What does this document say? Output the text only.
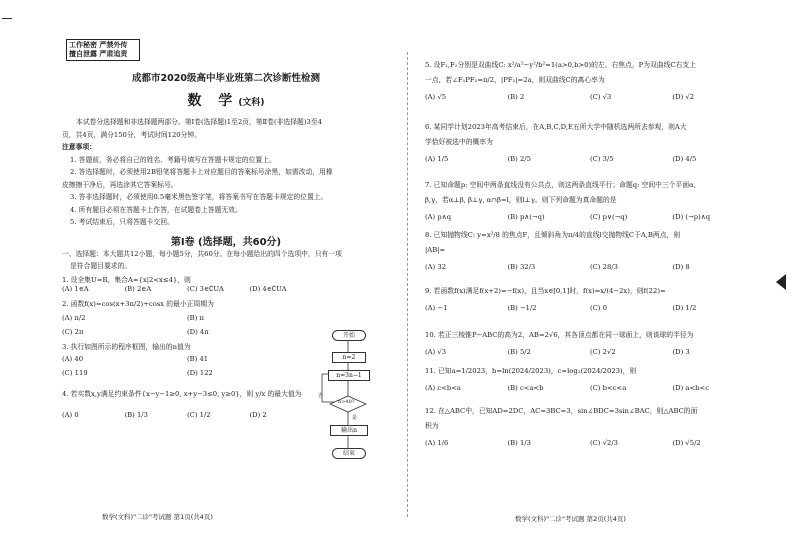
工作秘密 严禁外传
擅自泄露 严肃追责
成都市2020级高中毕业班第二次诊断性检测
数 学(文科)
本试卷分选择题和非选择题两部分。第Ⅰ卷(选择题)1至2页，第Ⅱ卷(非选择题)3至4
页，共4页，满分150分，考试时间120分钟。
注意事项：
1. 答题前，务必将自己的姓名、考籍号填写在答题卡规定的位置上。
2. 答选择题时，必须使用2B铅笔将答题卡上对应题目的答案标号涂黑，如需改动，用橡
皮擦擦干净后，再选涂其它答案标号。
3. 答非选择题时，必须使用0.5毫米黑色签字笔，将答案书写在答题卡规定的位置上。
4. 所有题目必须在答题卡上作答，在试题卷上答题无效。
5. 考试结束后，只将答题卡交回。
第Ⅰ卷 (选择题，共60分)
一、选择题：本大题共12小题，每小题5分，共60分。在每小题给出的四个选项中，只有一项
是符合题目要求的。
1. 设全集U=R，集合A={x|2<x≤4}，则
(A) 1∈A	(B) 2∈A	(C) 3∈∁UA	(D) 4∈∁UA
2. 函数f(x)=cos(x+3π/2)+cosx 的最小正周期为
(A) π/2	(B) π
(C) 2π	(D) 4π
3. 执行如图所示的程序框图，输出的n值为
(A) 40	(B) 41
(C) 119	(D) 122
4. 若实数x,y满足约束条件{x−y−1≥0, x+y−3≤0, y≥0}，则 y/x 的最大值为
(A) 0	(B) 1/3	(C) 1/2	(D) 2
数学(文科)"二诊"考试题 第1页(共4页)
开始
n=2
n=3n−1
n>40?
否
是
输出n
结束
5. 设F₁,F₂分别是双曲线C: x²/a²−y²/b²=1(a>0,b>0)的左、右焦点，P为双曲线C右支上
一点，若∠F₁PF₂=π/2，|PF₂|=2a，则双曲线C的离心率为
(A) √5	(B) 2	(C) √3	(D) √2
6. 某同学计划2023年高考结束后，在A,B,C,D,E五所大学中随机选两所去参观，则A大
学恰好被选中的概率为
(A) 1/5	(B) 2/5	(C) 3/5	(D) 4/5
7. 已知命题p: 空间中两条直线没有公共点，则这两条直线平行；命题q: 空间中三个平面α,
β,γ，若α⊥β, β⊥γ, α∩β=l，则l⊥γ。则下列命题为真命题的是
(A) p∧q	(B) p∧(¬q)	(C) p∨(¬q)	(D) (¬p)∧q
8. 已知抛物线C: y=x²/8 的焦点F，且倾斜角为π/4的直线l交抛物线C于A,B两点，则
|AB|=
(A) 32	(B) 32/3	(C) 28/3	(D) 8
9. 若函数f(x)满足f(x+2)=−f(x)，且当x∈[0,1]时，f(x)=x/(4−2x)，则f(22)=
(A) −1	(B) −1/2	(C) 0	(D) 1/2
10. 若正三棱锥P−ABC的高为2，AB=2√6，其各顶点都在同一球面上，则该球的半径为
(A) √3	(B) 5/2	(C) 2√2	(D) 3
11. 已知a=1/2023，b=ln(2024/2023)，c=log₂(2024/2023)，则
(A) c<b<a	(B) c<a<b	(C) b<c<a	(D) a<b<c
12. 在△ABC中，已知AD=2DC，AC=3BC=3，sin∠BDC=3sin∠BAC，则△ABC的面
积为
(A) 1/6	(B) 1/3	(C) √2/3	(D) √5/2
数学(文科)"二诊"考试题 第2页(共4页)
